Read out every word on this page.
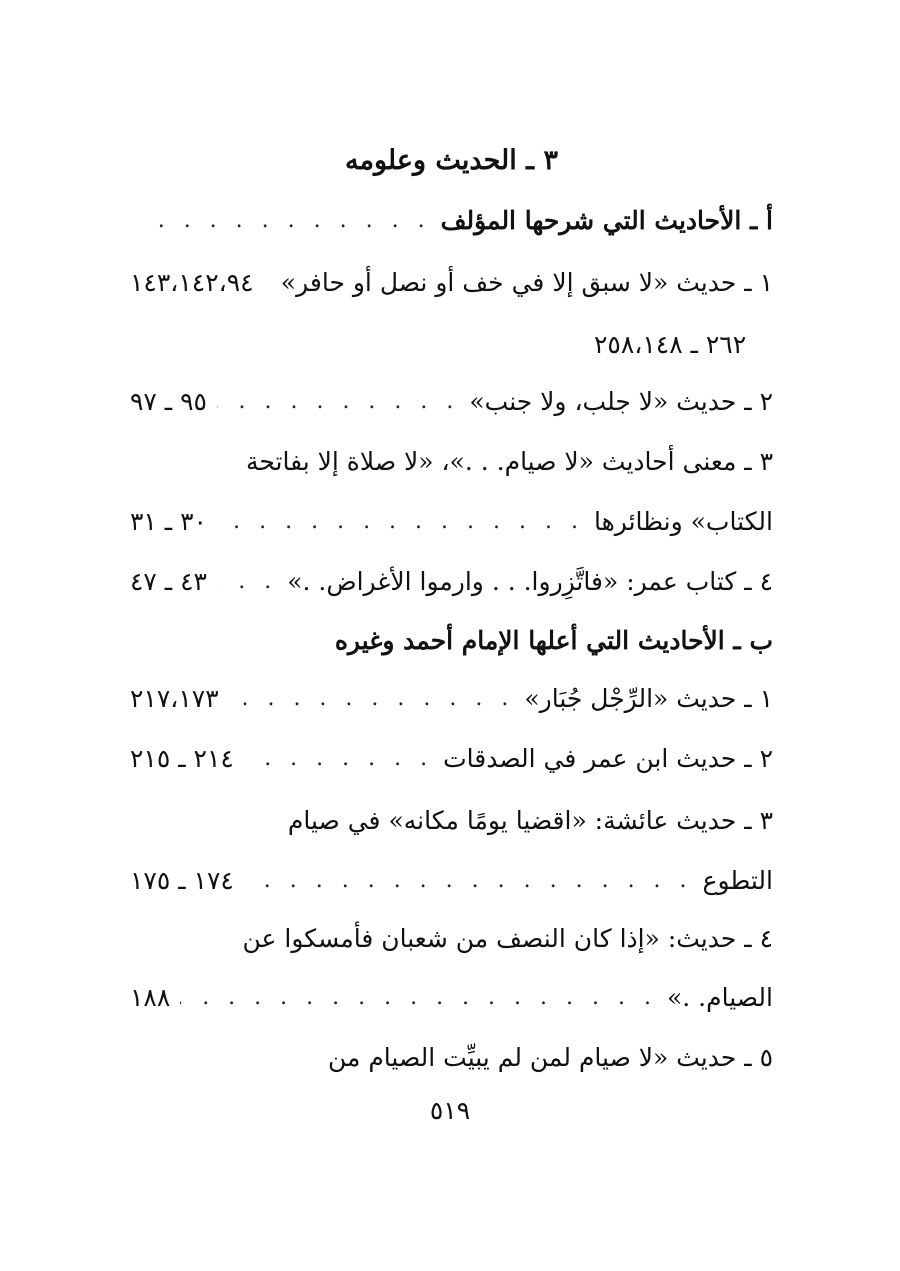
٣ ـ الحديث وعلومه
أ ـ الأحاديث التي شرحها المؤلف
. . .
١ ـ حديث «لا سبق إلا في خف أو نصل أو حافر»
١٤٣،١٤٢،٩٤
٢٦٢ ـ ٢٥٨،١٤٨
٢ ـ حديث «لا جلب، ولا جنب»
. . .
٩٥ ـ ٩٧
٣ ـ معنى أحاديث «لا صيام. . .»، «لا صلاة إلا بفاتحة
الكتاب» ونظائرها
. . .
٣٠ ـ ٣١
٤ ـ كتاب عمر: «فاتَّزِروا. . . وارموا الأغراض. .»
. . .
٤٣ ـ ٤٧
ب ـ الأحاديث التي أعلها الإمام أحمد وغيره
١ ـ حديث «الرِّجْل جُبَار»
. . .
٢١٧،١٧٣
٢ ـ حديث ابن عمر في الصدقات
. . .
٢١٤ ـ ٢١٥
٣ ـ حديث عائشة: «اقضيا يومًا مكانه» في صيام
التطوع
. . .
١٧٤ ـ ١٧٥
٤ ـ حديث: «إذا كان النصف من شعبان فأمسكوا عن
الصيام. .»
. . .
١٨٨
٥ ـ حديث «لا صيام لمن لم يبيِّت الصيام من
٥١٩
